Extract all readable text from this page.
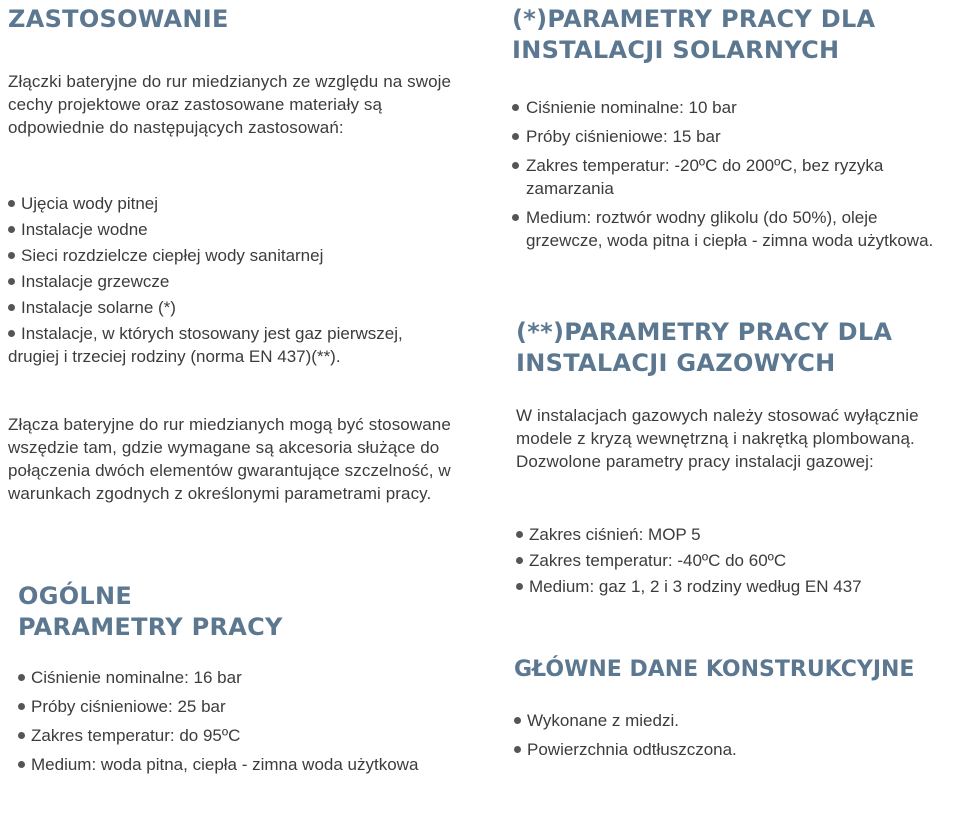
ZASTOSOWANIE

Złączki bateryjne do rur miedzianych ze względu na swoje cechy projektowe oraz zastosowane materiały są odpowiednie do następujących zastosowań:

Ujęcia wody pitnej
Instalacje wodne
Sieci rozdzielcze ciepłej wody sanitarnej
Instalacje grzewcze
Instalacje solarne (*)
Instalacje, w których stosowany jest gaz pierwszej, drugiej i trzeciej rodziny (norma EN 437)(**).

Złącza bateryjne do rur miedzianych mogą być stosowane wszędzie tam, gdzie wymagane są akcesoria służące do połączenia dwóch elementów gwarantujące szczelność, w warunkach zgodnych z określonymi parametrami pracy.

OGÓLNE
PARAMETRY PRACY
Ciśnienie nominalne: 16 bar
Próby ciśnieniowe: 25 bar
Zakres temperatur: do 95ºC
Medium: woda pitna, ciepła - zimna woda użytkowa
(*)PARAMETRY PRACY DLA
INSTALACJI SOLARNYCH
Ciśnienie nominalne: 10 bar
Próby ciśnieniowe: 15 bar
Zakres temperatur: -20ºC do 200ºC, bez ryzyka zamarzania
Medium: roztwór wodny glikolu (do 50%), oleje grzewcze, woda pitna i ciepła - zimna woda użytkowa.
(**)PARAMETRY PRACY DLA
INSTALACJI GAZOWYCH

W instalacjach gazowych należy stosować wyłącznie modele z kryzą wewnętrzną i nakrętką plombowaną. Dozwolone parametry pracy instalacji gazowej:

Zakres ciśnień: MOP 5
Zakres temperatur: -40ºC do 60ºC
Medium: gaz 1, 2 i 3 rodziny według EN 437
GŁÓWNE DANE KONSTRUKCYJNE
Wykonane z miedzi.
Powierzchnia odtłuszczona.
